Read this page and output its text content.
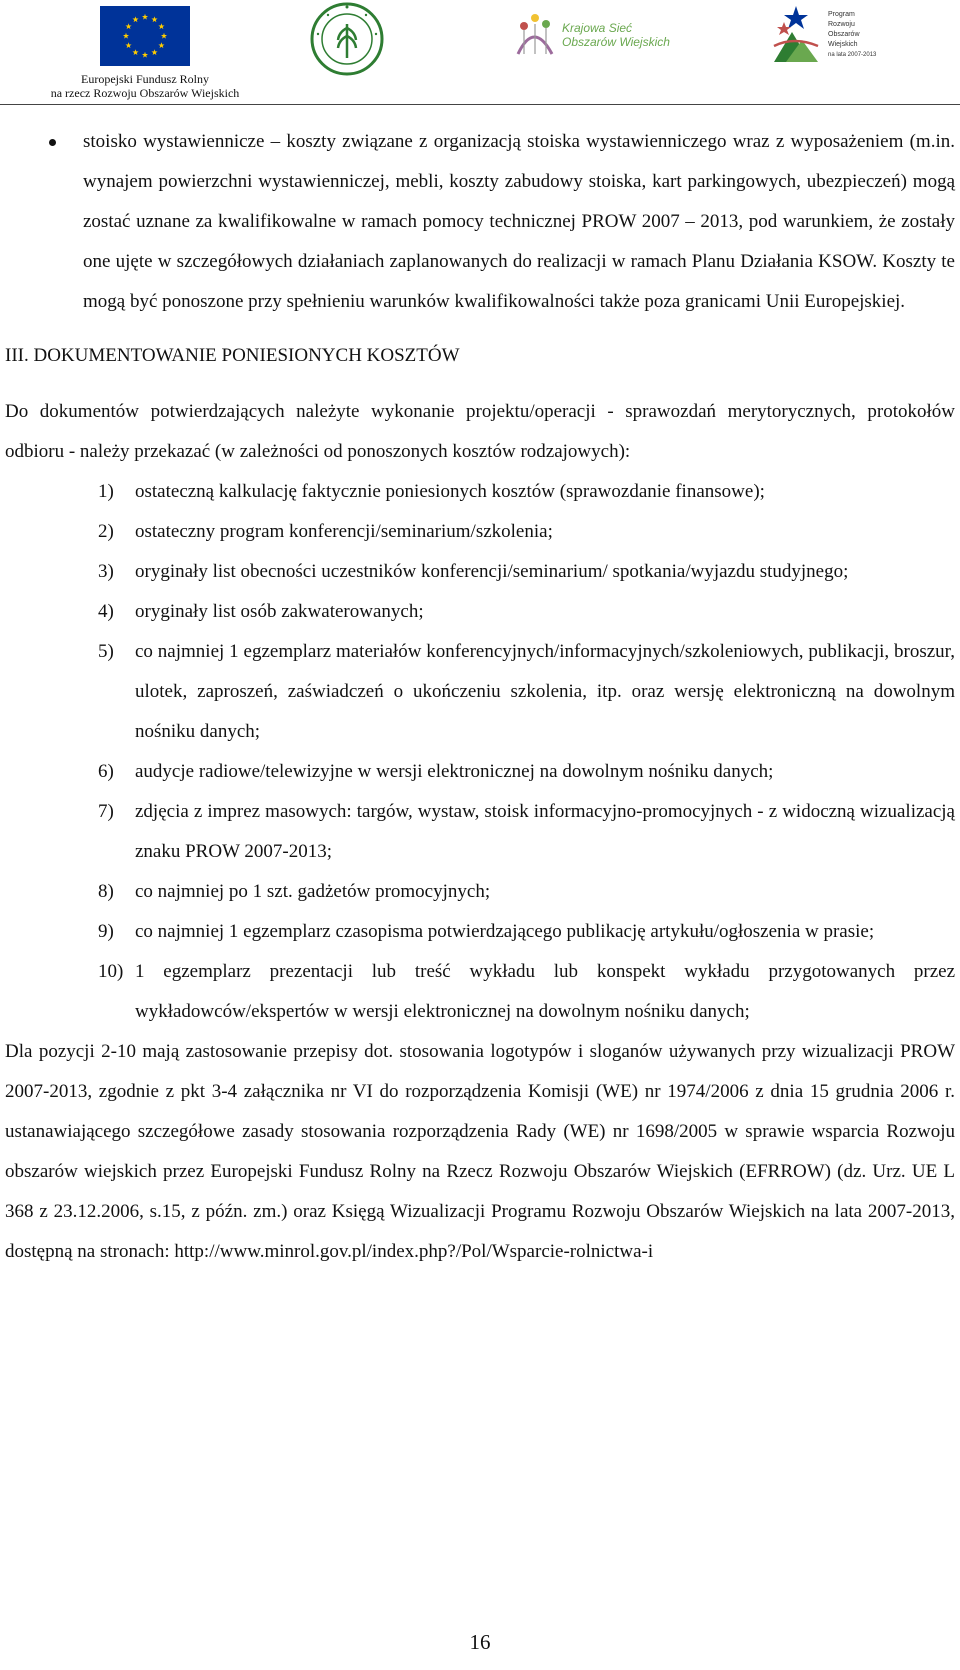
Europejski Fundusz Rolny
na rzecz Rozwoju Obszarów Wiejskich
Krajowa Sieć
Obszarów Wiejskich
Program
Rozwoju
Obszarów
Wiejskich
na lata 2007-2013
stoisko wystawiennicze – koszty związane z organizacją stoiska wystawienniczego wraz z wyposażeniem (m.in. wynajem powierzchni wystawienniczej, mebli, koszty zabudowy stoiska, kart parkingowych, ubezpieczeń) mogą zostać uznane za kwalifikowalne w ramach pomocy technicznej PROW 2007 – 2013, pod warunkiem, że zostały one ujęte w szczegółowych działaniach zaplanowanych do realizacji w ramach Planu Działania KSOW. Koszty te mogą być ponoszone przy spełnieniu warunków kwalifikowalności także poza granicami Unii Europejskiej.
III. DOKUMENTOWANIE PONIESIONYCH KOSZTÓW
Do dokumentów potwierdzających należyte wykonanie projektu/operacji - sprawozdań merytorycznych, protokołów odbioru - należy przekazać (w zależności od ponoszonych kosztów rodzajowych):
1) ostateczną kalkulację faktycznie poniesionych kosztów (sprawozdanie finansowe);
2) ostateczny program konferencji/seminarium/szkolenia;
3) oryginały list obecności uczestników konferencji/seminarium/ spotkania/wyjazdu studyjnego;
4) oryginały list osób zakwaterowanych;
5) co najmniej 1 egzemplarz materiałów konferencyjnych/informacyjnych/szkoleniowych, publikacji, broszur, ulotek, zaproszeń, zaświadczeń o ukończeniu szkolenia, itp. oraz wersję elektroniczną na dowolnym nośniku danych;
6) audycje radiowe/telewizyjne w wersji elektronicznej na dowolnym nośniku danych;
7) zdjęcia z imprez masowych: targów, wystaw, stoisk informacyjno-promocyjnych - z widoczną wizualizacją znaku PROW 2007-2013;
8) co najmniej po 1 szt. gadżetów promocyjnych;
9) co najmniej 1 egzemplarz czasopisma potwierdzającego publikację artykułu/ogłoszenia w prasie;
10) 1 egzemplarz prezentacji lub treść wykładu lub konspekt wykładu przygotowanych przez wykładowców/ekspertów w wersji elektronicznej na dowolnym nośniku danych;
Dla pozycji 2-10 mają zastosowanie przepisy dot. stosowania logotypów i sloganów używanych przy wizualizacji PROW 2007-2013, zgodnie z pkt 3-4 załącznika nr VI do rozporządzenia Komisji (WE) nr 1974/2006 z dnia 15 grudnia 2006 r. ustanawiającego szczegółowe zasady stosowania rozporządzenia Rady (WE) nr 1698/2005 w sprawie wsparcia Rozwoju obszarów wiejskich przez Europejski Fundusz Rolny na Rzecz Rozwoju Obszarów Wiejskich (EFRROW) (dz. Urz. UE L 368 z 23.12.2006, s.15, z późn. zm.) oraz Księgą Wizualizacji Programu Rozwoju Obszarów Wiejskich na lata 2007-2013, dostępną na stronach: http://www.minrol.gov.pl/index.php?/Pol/Wsparcie-rolnictwa-i
16
